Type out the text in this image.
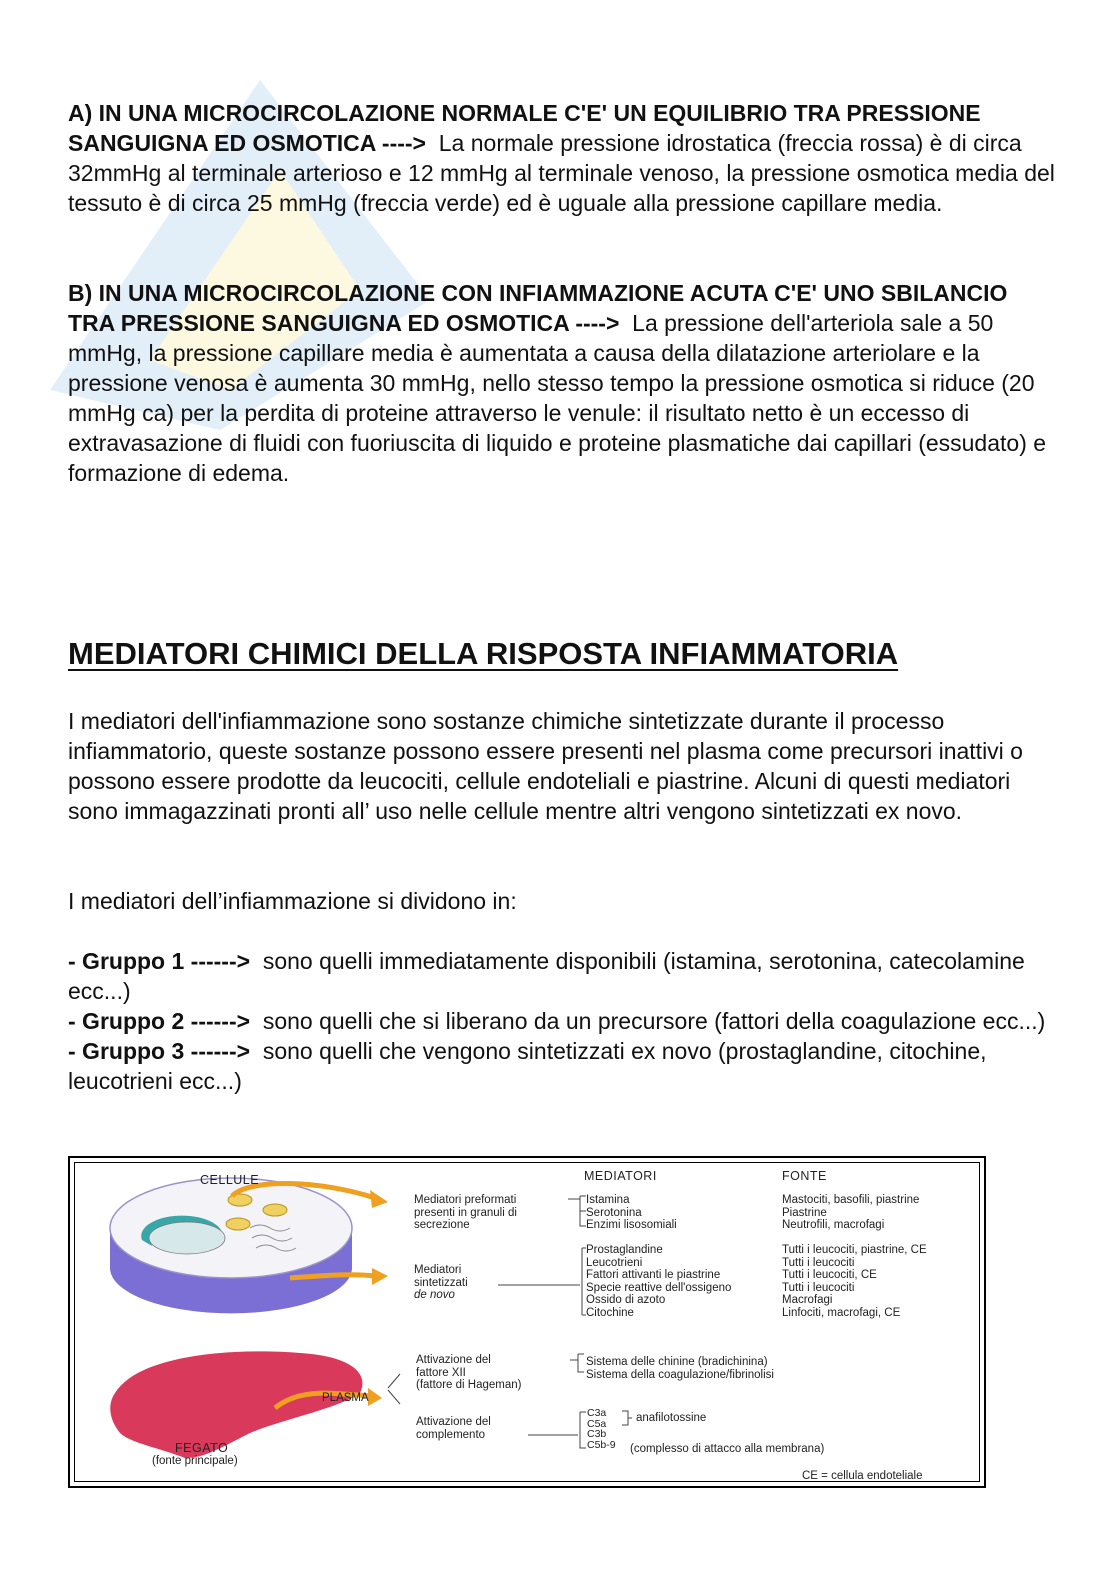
A) IN UNA MICROCIRCOLAZIONE NORMALE C'E' UN EQUILIBRIO TRA PRESSIONE SANGUIGNA ED OSMOTICA ----> La normale pressione idrostatica (freccia rossa) è di circa 32mmHg al terminale arterioso e 12 mmHg al terminale venoso, la pressione osmotica media del tessuto è di circa 25 mmHg (freccia verde) ed è uguale alla pressione capillare media.
B) IN UNA MICROCIRCOLAZIONE CON INFIAMMAZIONE ACUTA C'E' UNO SBILANCIO TRA PRESSIONE SANGUIGNA ED OSMOTICA ----> La pressione dell'arteriola sale a 50 mmHg, la pressione capillare media è aumentata a causa della dilatazione arteriolare e la pressione venosa è aumenta 30 mmHg, nello stesso tempo la pressione osmotica si riduce (20 mmHg ca) per la perdita di proteine attraverso le venule: il risultato netto è un eccesso di extravasazione di fluidi con fuoriuscita di liquido e proteine plasmatiche dai capillari (essudato) e formazione di edema.
MEDIATORI CHIMICI DELLA RISPOSTA INFIAMMATORIA
I mediatori dell'infiammazione sono sostanze chimiche sintetizzate durante il processo infiammatorio, queste sostanze possono essere presenti nel plasma come precursori inattivi o possono essere prodotte da leucociti, cellule endoteliali e piastrine. Alcuni di questi mediatori sono immagazzinati pronti all’ uso nelle cellule mentre altri vengono sintetizzati ex novo.
I mediatori dell’infiammazione si dividono in:
- Gruppo 1 ------> sono quelli immediatamente disponibili (istamina, serotonina, catecolamine ecc...)
- Gruppo 2 ------> sono quelli che si liberano da un precursore (fattori della coagulazione ecc...)
- Gruppo 3 ------> sono quelli che vengono sintetizzati ex novo (prostaglandine, citochine, leucotrieni ecc...)
CELLULE	MEDIATORI	FONTE
Mediatori preformati
presenti in granuli di
secrezione
Istamina
Serotonina
Enzimi lisosomiali
Mastociti, basofili, piastrine
Piastrine
Neutrofili, macrofagi
Mediatori
sintetizzati
de novo
Prostaglandine
Leucotrieni
Fattori attivanti le piastrine
Specie reattive dell'ossigeno
Ossido di azoto
Citochine
Tutti i leucociti, piastrine, CE
Tutti i leucociti
Tutti i leucociti, CE
Tutti i leucociti
Macrofagi
Linfociti, macrofagi, CE
PLASMA
Attivazione del
fattore XII
(fattore di Hageman)
Sistema delle chinine (bradichinina)
Sistema della coagulazione/fibrinolisi
Attivazione del
complemento
C3a
C5a
C3b
C5b-9
anafilotossine
(complesso di attacco alla membrana)
FEGATO
(fonte principale)
CE = cellula endoteliale
